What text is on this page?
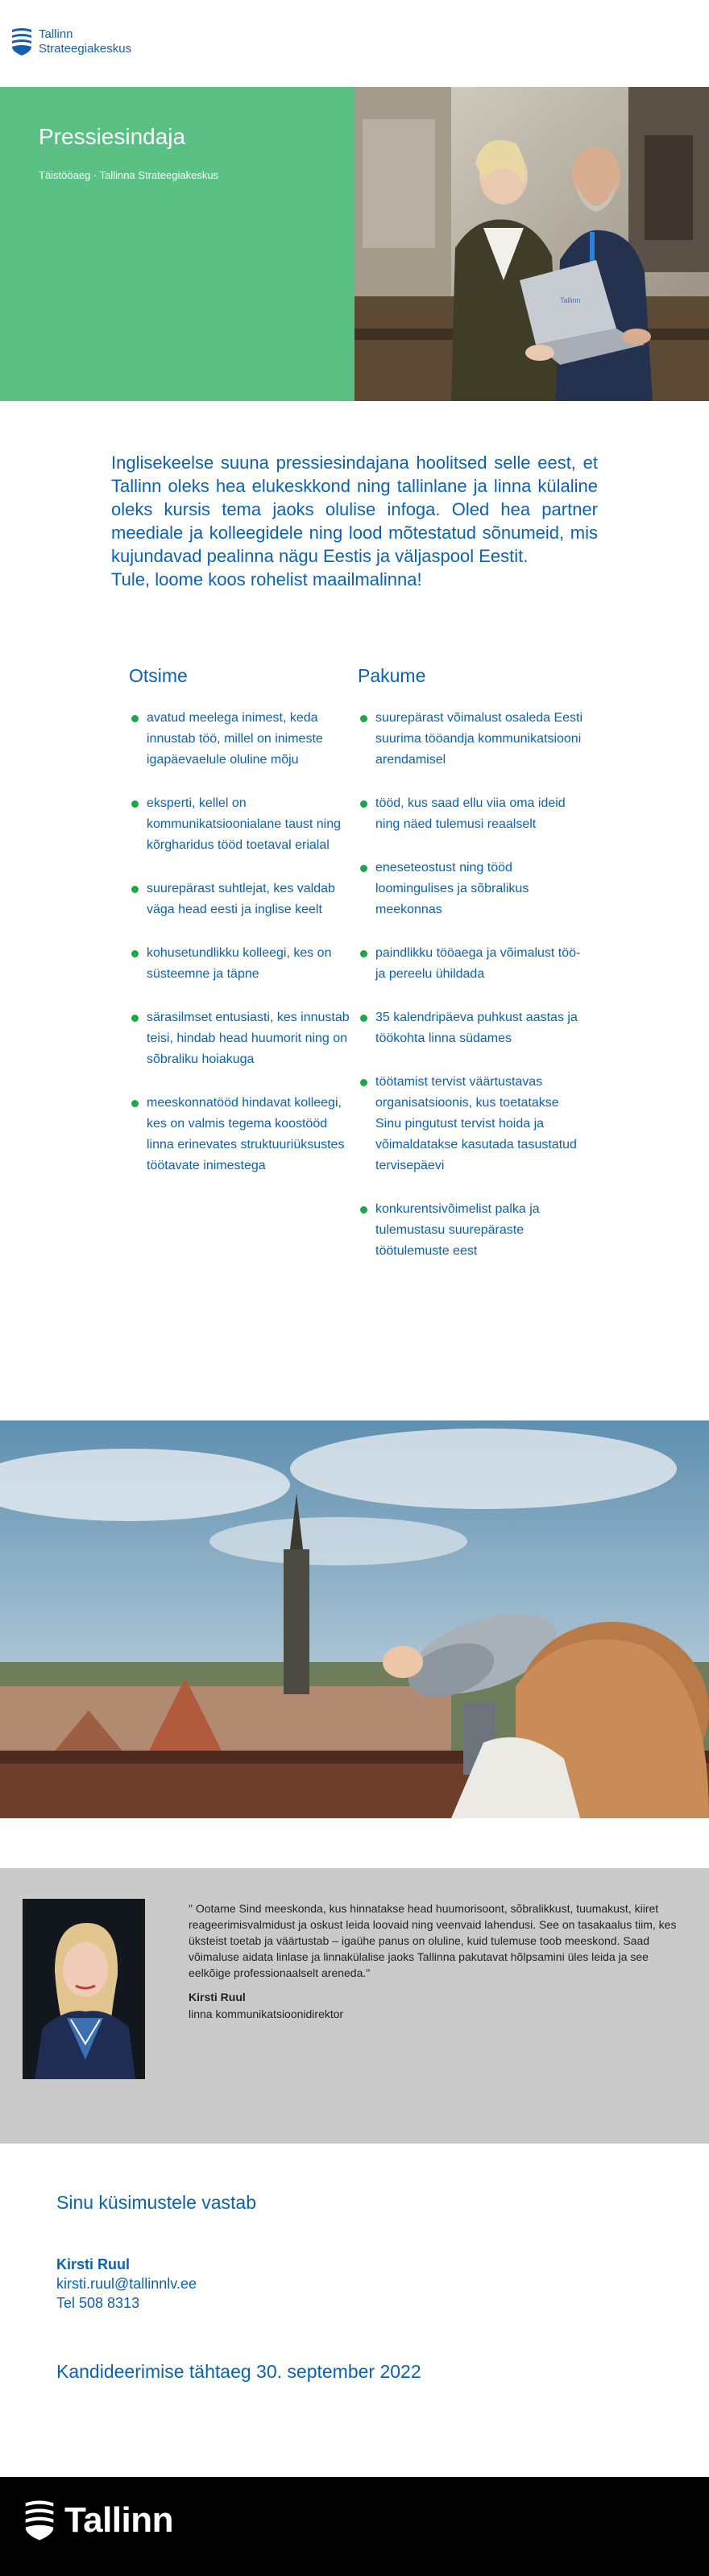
Tallinn
Strateegiakeskus
Pressiesindaja
Täistööaeg · Tallinna Strateegiakeskus
Tallinn

Inglisekeelse suuna pressiesindajana hoolitsed selle eest, et Tallinn oleks hea elukeskkond ning tallinlane ja linna külaline oleks kursis tema jaoks olulise infoga. Oled hea partner meediale ja kolleegidele ning lood mõtestatud sõnumeid, mis kujundavad pealinna nägu Eestis ja väljaspool Eestit.

Tule, loome koos rohelist maailmalinna!

Otsime
avatud meelega inimest, keda innustab töö, millel on inimeste igapäevaelule oluline mõju
eksperti, kellel on kommunikatsioonialane taust ning kõrgharidus tööd toetaval erialal
suurepärast suhtlejat, kes valdab väga head eesti ja inglise keelt
kohusetundlikku kolleegi, kes on süsteemne ja täpne
särasilmset entusiasti, kes innustab teisi, hindab head huumorit ning on sõbraliku hoiakuga
meeskonnatööd hindavat kolleegi, kes on valmis tegema koostööd linna erinevates struktuuriüksustes töötavate inimestega
Pakume
suurepärast võimalust osaleda Eesti suurima tööandja kommunikatsiooni arendamisel
tööd, kus saad ellu viia oma ideid ning näed tulemusi reaalselt
eneseteostust ning tööd loomingulises ja sõbralikus meekonnas
paindlikku tööaega ja võimalust töö- ja pereelu ühildada
35 kalendripäeva puhkust aastas ja töökohta linna südames
töötamist tervist väärtustavas organisatsioonis, kus toetatakse Sinu pingutust tervist hoida ja võimaldatakse kasutada tasustatud tervisepäevi
konkurentsivõimelist palka ja tulemustasu suurepäraste töötulemuste eest

" Ootame Sind meeskonda, kus hinnatakse head huumorisoont, sõbralikkust, tuumakust, kiiret reageerimisvalmidust ja oskust leida loovaid ning veenvaid lahendusi. See on tasakaalus tiim, kes üksteist toetab ja väärtustab – igaühe panus on oluline, kuid tulemuse toob meeskond. Saad võimaluse aidata linlase ja linnakülalise jaoks Tallinna pakutavat hõlpsamini üles leida ja see eelkõige professionaalselt areneda."

Kirsti Ruul
linna kommunikatsioonidirektor
Sinu küsimustele vastab
Kirsti Ruul
kirsti.ruul@tallinnlv.ee
Tel 508 8313
Kandideerimise tähtaeg 30. september 2022
Tallinn
